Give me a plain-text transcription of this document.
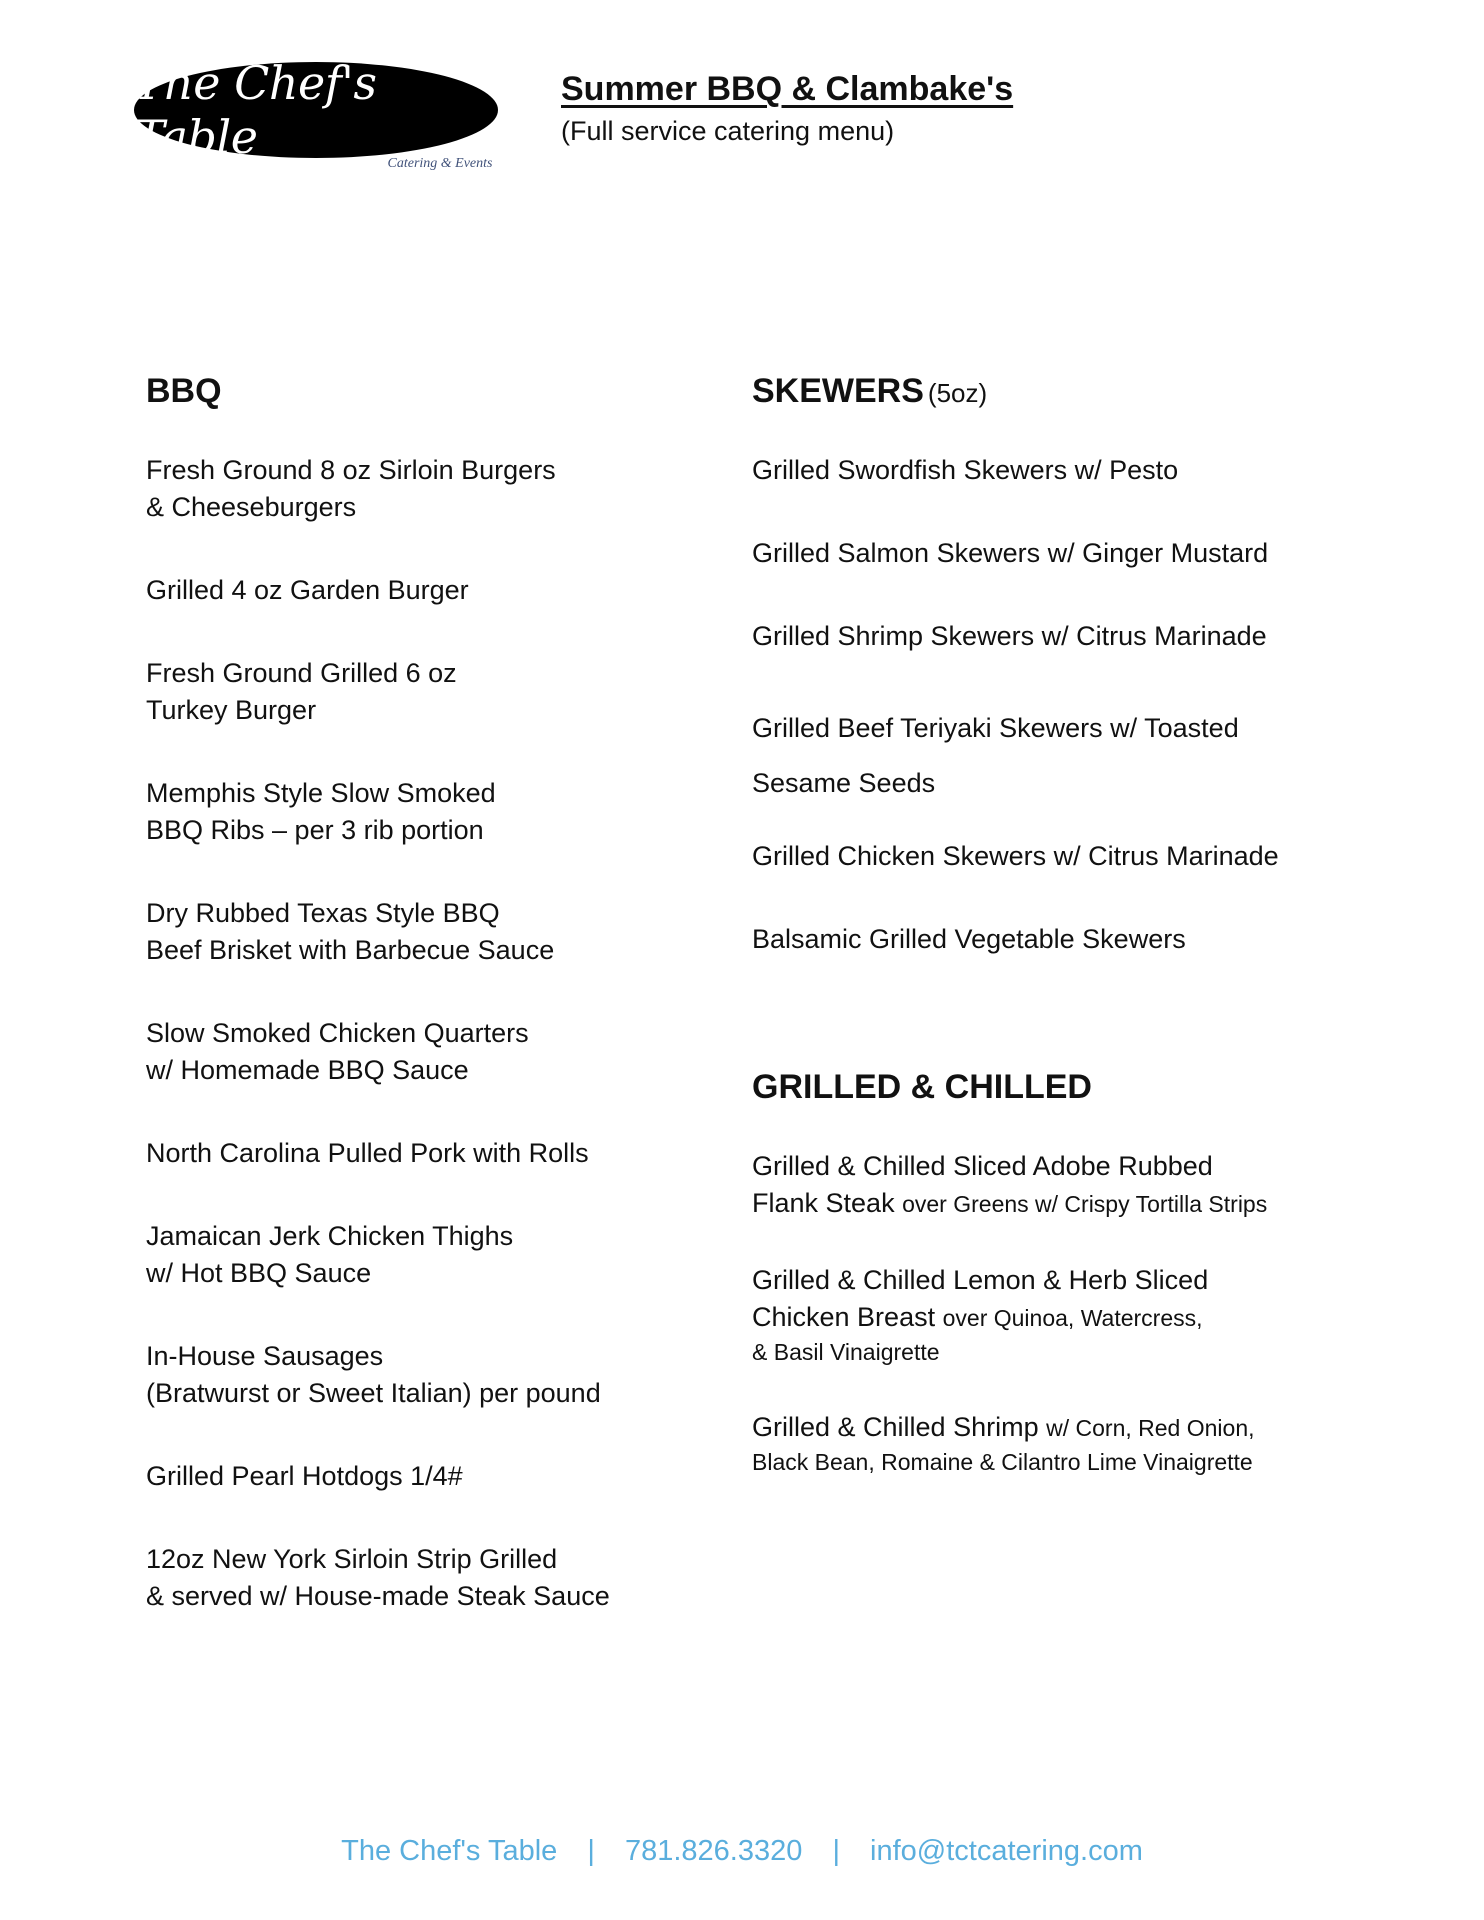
The Chef's Table	Catering & Events
Summer BBQ & Clambake's
(Full service catering menu)
BBQ
Fresh Ground 8 oz Sirloin Burgers
& Cheeseburgers
Grilled 4 oz Garden Burger
Fresh Ground Grilled 6 oz
Turkey Burger
Memphis Style Slow Smoked
BBQ Ribs – per 3 rib portion
Dry Rubbed Texas Style BBQ
Beef Brisket with Barbecue Sauce
Slow Smoked Chicken Quarters
w/ Homemade BBQ Sauce
North Carolina Pulled Pork with Rolls
Jamaican Jerk Chicken Thighs
w/ Hot BBQ Sauce
In-House Sausages
(Bratwurst or Sweet Italian) per pound
Grilled Pearl Hotdogs 1/4#
12oz New York Sirloin Strip Grilled
& served w/ House-made Steak Sauce
SKEWERS (5oz)
Grilled Swordfish Skewers w/ Pesto
Grilled Salmon Skewers w/ Ginger Mustard
Grilled Shrimp Skewers w/ Citrus Marinade
Grilled Beef Teriyaki Skewers w/ Toasted
Sesame Seeds
Grilled Chicken Skewers w/ Citrus Marinade
Balsamic Grilled Vegetable Skewers
GRILLED & CHILLED
Grilled & Chilled Sliced Adobe Rubbed
Flank Steak over Greens w/ Crispy Tortilla Strips
Grilled & Chilled Lemon & Herb Sliced
Chicken Breast over Quinoa, Watercress,
& Basil Vinaigrette
Grilled & Chilled Shrimp w/ Corn, Red Onion,
Black Bean, Romaine & Cilantro Lime Vinaigrette
The Chef's Table | 781.826.3320 | info@tctcatering.com
